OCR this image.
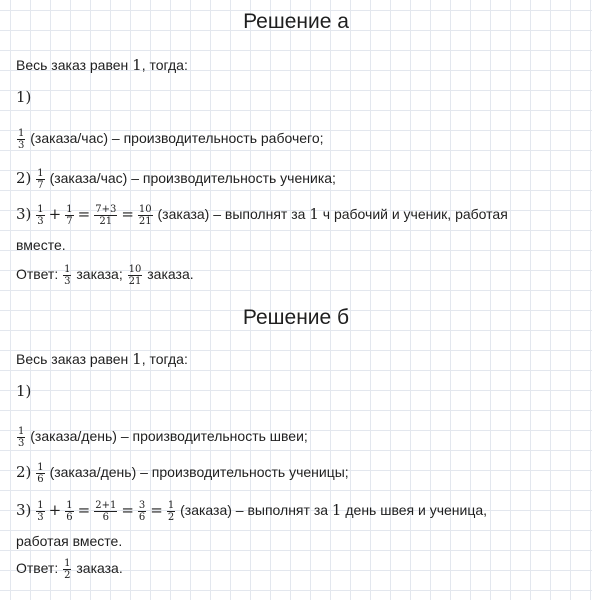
Решение а
Весь заказ равен 1, тогда:
1)
$\frac{1}{3}$ (заказа/час) – производительность рабочего;
$2) \frac{1}{7}$ (заказа/час) – производительность ученика;
$3) \frac{1}{3} + \frac{1}{7} = \frac{7+3}{21} = \frac{10}{21}$ (заказа) – выполнят за 1 ч рабочий и ученик, работая
вместе.
Ответ: $\frac{1}{3}$ заказа; $\frac{10}{21}$ заказа.
Решение б
Весь заказ равен 1, тогда:
1)
$\frac{1}{3}$ (заказа/день) – производительность швеи;
$2) \frac{1}{6}$ (заказа/день) – производительность ученицы;
$3) \frac{1}{3} + \frac{1}{6} = \frac{2+1}{6} = \frac{3}{6} = \frac{1}{2}$ (заказа) – выполнят за 1 день швея и ученица,
работая вместе.
Ответ: $\frac{1}{2}$ заказа.
